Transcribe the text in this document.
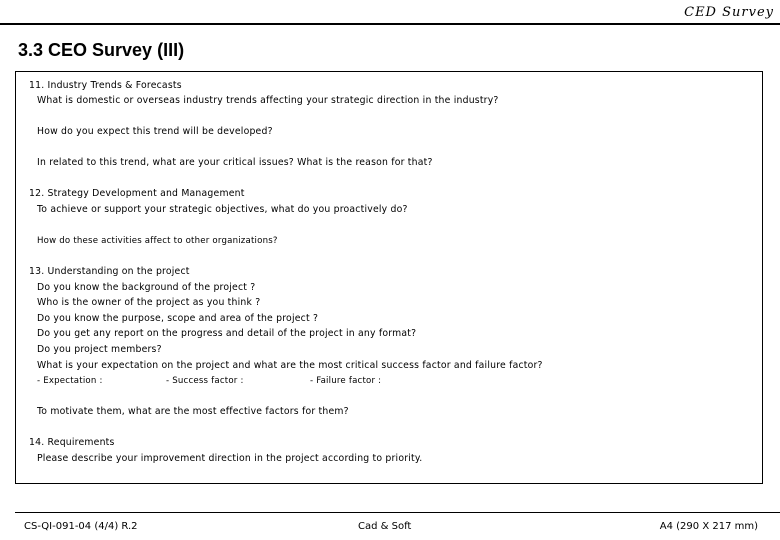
CED Survey
3.3 CEO Survey (III)
11. Industry Trends & Forecasts
What is domestic or overseas industry trends affecting your strategic direction in the industry?
How do you expect this trend will be developed?
In related to this trend, what are your critical issues? What is the reason for that?
12. Strategy Development and Management
To achieve or support your strategic objectives, what do you proactively do?
How do these activities affect to other organizations?
13. Understanding on the project
Do you know the background of the project ?
Who is the owner of the project as you think ?
Do you know the purpose, scope and area of the project ?
Do you get any report on the progress and detail of the project in any format?
Do you project members?
What is your expectation on the project and what are the most critical success factor and failure factor?
- Expectation :	- Success factor :	- Failure factor :
To motivate them, what are the most effective factors for them?
14. Requirements
Please describe your improvement direction in the project according to priority.
CS-QI-091-04 (4/4) R.2	Cad & Soft	A4 (290 X 217 mm)
